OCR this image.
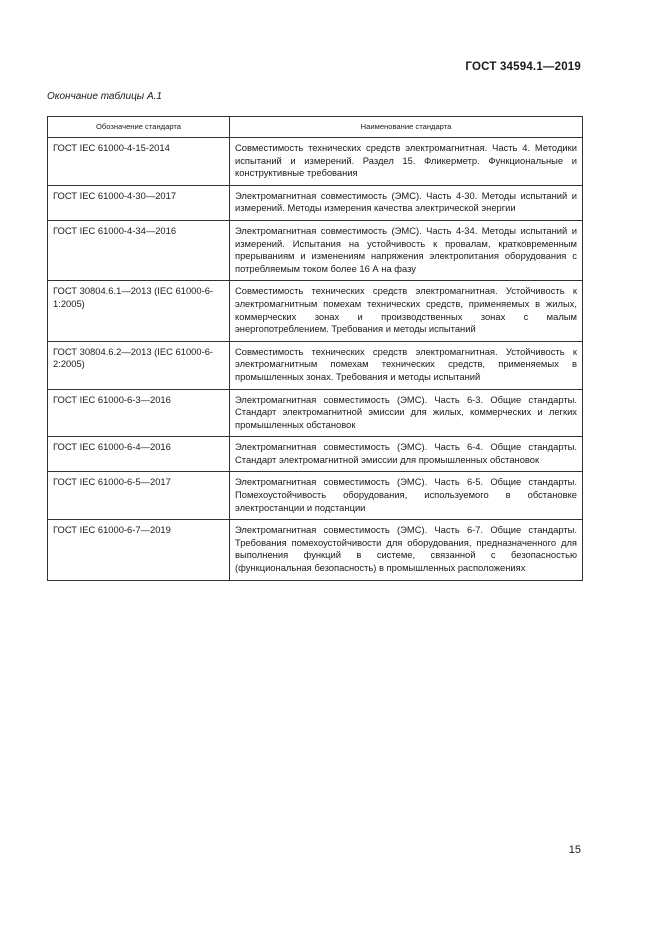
ГОСТ 34594.1—2019
Окончание таблицы А.1
Обозначение стандарта	Наименование стандарта
ГОСТ IEC 61000-4-15-2014	Совместимость технических средств электромагнитная. Часть 4. Методики испытаний и измерений. Раздел 15. Фликерметр. Функциональные и конструктивные требования
ГОСТ IEC 61000-4-30—2017	Электромагнитная совместимость (ЭМС). Часть 4-30. Методы испытаний и измерений. Методы измерения качества электрической энергии
ГОСТ IEC 61000-4-34—2016	Электромагнитная совместимость (ЭМС). Часть 4-34. Методы испытаний и измерений. Испытания на устойчивость к провалам, кратковременным прерываниям и изменениям напряжения электропитания оборудования с потребляемым током более 16 А на фазу
ГОСТ 30804.6.1—2013 (IEC 61000-6-1:2005)	Совместимость технических средств электромагнитная. Устойчивость к электромагнитным помехам технических средств, применяемых в жилых, коммерческих зонах и производственных зонах с малым энергопотреблением. Требования и методы испытаний
ГОСТ 30804.6.2—2013 (IEC 61000-6-2:2005)	Совместимость технических средств электромагнитная. Устойчивость к электромагнитным помехам технических средств, применяемых в промышленных зонах. Требования и методы испытаний
ГОСТ IEC 61000-6-3—2016	Электромагнитная совместимость (ЭМС). Часть 6-3. Общие стандарты. Стандарт электромагнитной эмиссии для жилых, коммерческих и легких промышленных обстановок
ГОСТ IEC 61000-6-4—2016	Электромагнитная совместимость (ЭМС). Часть 6-4. Общие стандарты. Стандарт электромагнитной эмиссии для промышленных обстановок
ГОСТ IEC 61000-6-5—2017	Электромагнитная совместимость (ЭМС). Часть 6-5. Общие стандарты. Помехоустойчивость оборудования, используемого в обстановке электростанции и подстанции
ГОСТ IEC 61000-6-7—2019	Электромагнитная совместимость (ЭМС). Часть 6-7. Общие стандарты. Требования помехоустойчивости для оборудования, предназначенного для выполнения функций в системе, связанной с безопасностью (функциональная безопасность) в промышленных расположениях
15
